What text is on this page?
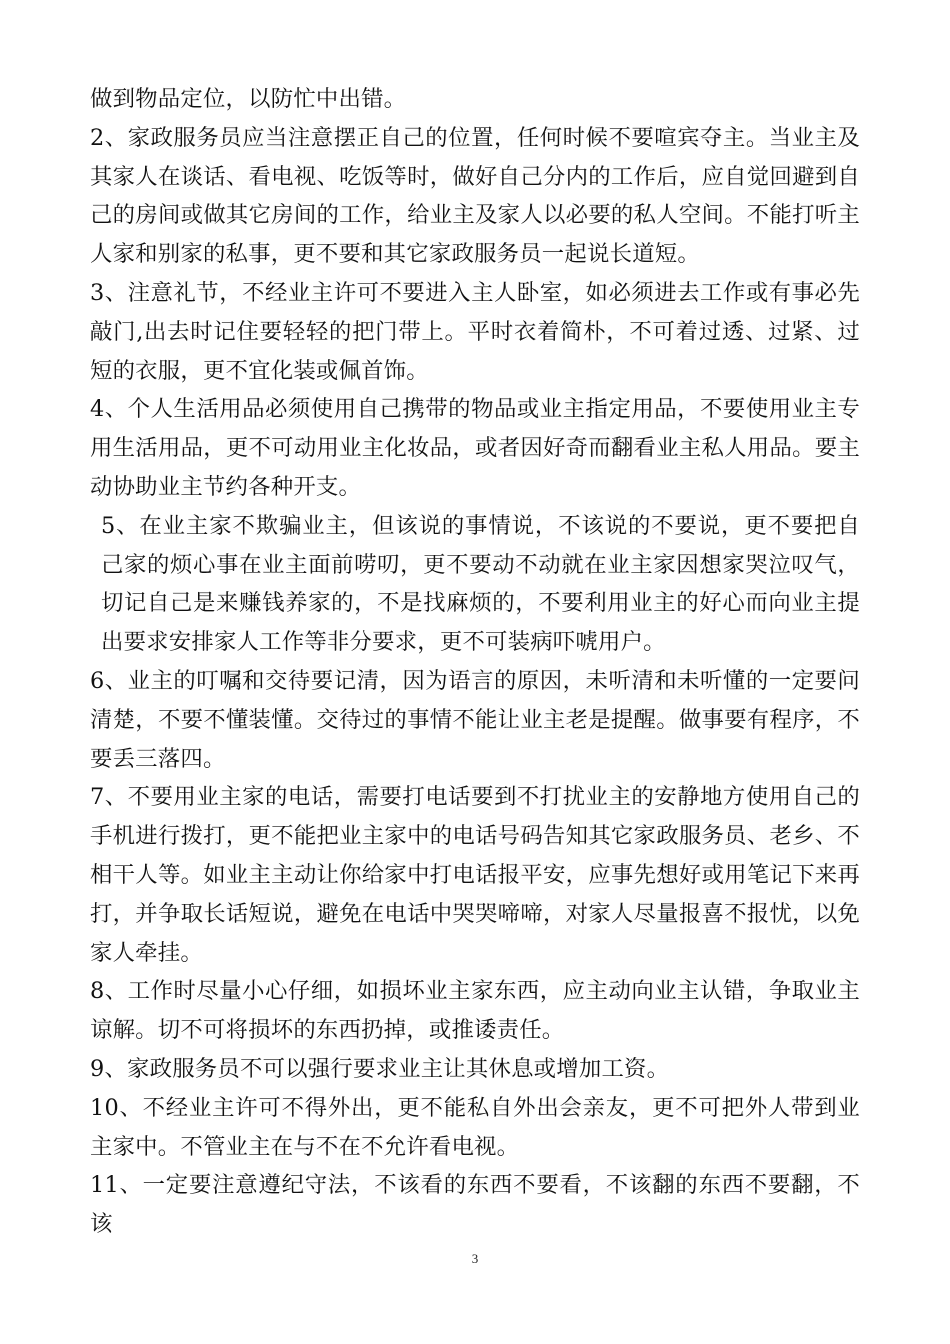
做到物品定位，以防忙中出错。

2、家政服务员应当注意摆正自己的位置，任何时候不要喧宾夺主。当业主及其家人在谈话、看电视、吃饭等时，做好自己分内的工作后，应自觉回避到自己的房间或做其它房间的工作，给业主及家人以必要的私人空间。不能打听主人家和别家的私事，更不要和其它家政服务员一起说长道短。

3、注意礼节，不经业主许可不要进入主人卧室，如必须进去工作或有事必先敲门,出去时记住要轻轻的把门带上。平时衣着简朴，不可着过透、过紧、过短的衣服，更不宜化装或佩首饰。

4、个人生活用品必须使用自己携带的物品或业主指定用品，不要使用业主专用生活用品，更不可动用业主化妆品，或者因好奇而翻看业主私人用品。要主动协助业主节约各种开支。

5、在业主家不欺骗业主，但该说的事情说，不该说的不要说，更不要把自己家的烦心事在业主面前唠叨，更不要动不动就在业主家因想家哭泣叹气，切记自己是来赚钱养家的，不是找麻烦的，不要利用业主的好心而向业主提出要求安排家人工作等非分要求，更不可装病吓唬用户。

6、业主的叮嘱和交待要记清，因为语言的原因，未听清和未听懂的一定要问清楚，不要不懂装懂。交待过的事情不能让业主老是提醒。做事要有程序，不要丢三落四。

7、不要用业主家的电话，需要打电话要到不打扰业主的安静地方使用自己的手机进行拨打，更不能把业主家中的电话号码告知其它家政服务员、老乡、不相干人等。如业主主动让你给家中打电话报平安，应事先想好或用笔记下来再打，并争取长话短说，避免在电话中哭哭啼啼，对家人尽量报喜不报忧，以免家人牵挂。

8、工作时尽量小心仔细，如损坏业主家东西，应主动向业主认错，争取业主谅解。切不可将损坏的东西扔掉，或推诿责任。

9、家政服务员不可以强行要求业主让其休息或增加工资。

10、不经业主许可不得外出，更不能私自外出会亲友，更不可把外人带到业主家中。不管业主在与不在不允许看电视。

11、一定要注意遵纪守法，不该看的东西不要看，不该翻的东西不要翻，不该

3
